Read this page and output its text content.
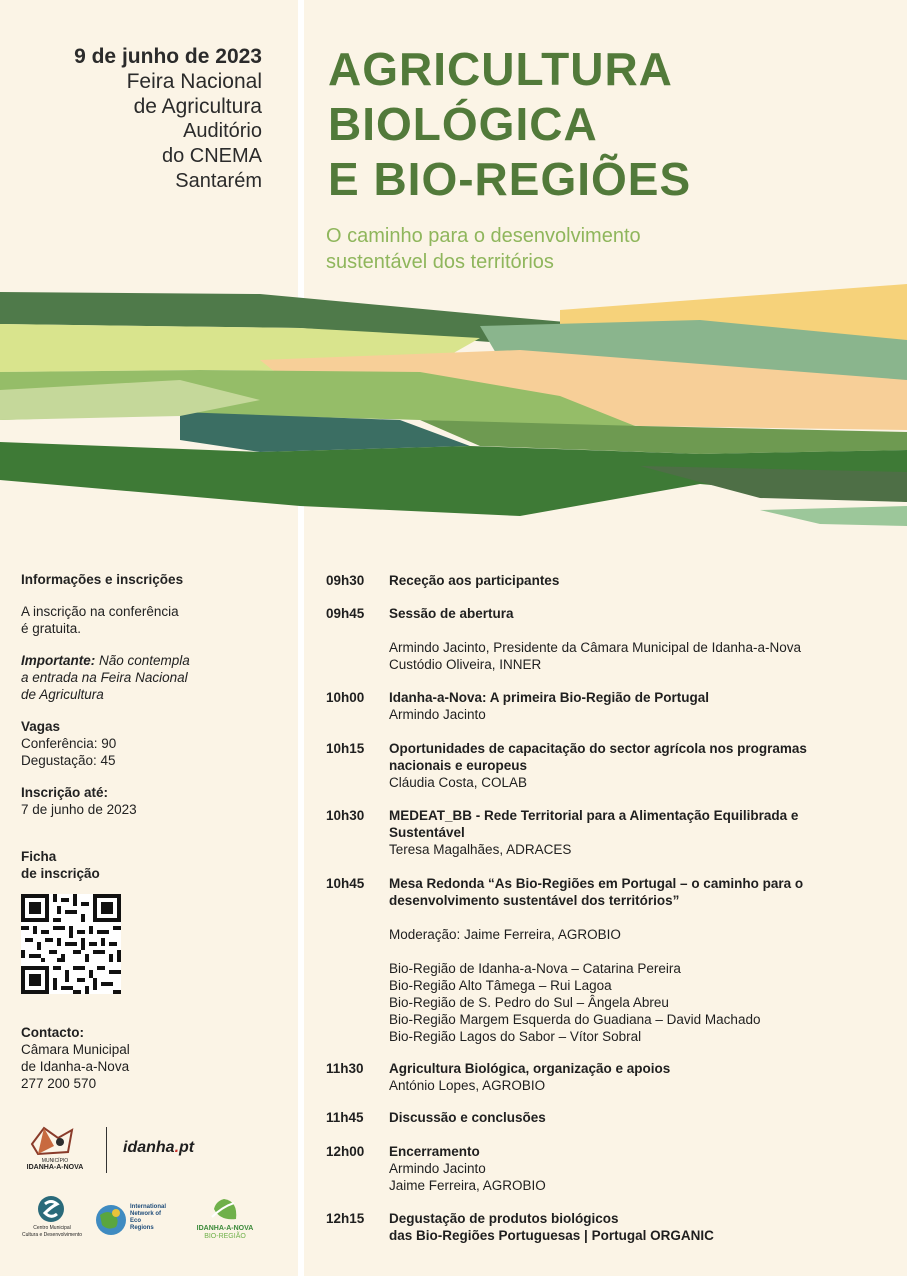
9 de junho de 2023
Feira Nacional
de Agricultura
Auditório
do CNEMA
Santarém
AGRICULTURA
BIOLÓGICA
E BIO-REGIÕES
O caminho para o desenvolvimento
sustentável dos territórios
Informações e inscrições
A inscrição na conferência
é gratuita.
Importante: Não contempla
a entrada na Feira Nacional
de Agricultura
Vagas
Conferência: 90
Degustação: 45
Inscrição até:
7 de junho de 2023
Ficha
de inscrição
Contacto:
Câmara Municipal
de Idanha-a-Nova
277 200 570
MUNICÍPIO
IDANHA-A-NOVA
idanha.pt
Centro Municipal
Cultura e Desenvolvimento
International
Network of
Eco
Regions	IDANHA-A-NOVA
BIO-REGIÃO
09h30	Receção aos participantes
09h45	Sessão de abertura
Armindo Jacinto, Presidente da Câmara Municipal de Idanha-a-Nova
Custódio Oliveira, INNER
10h00	Idanha-a-Nova: A primeira Bio-Região de Portugal
Armindo Jacinto
10h15	Oportunidades de capacitação do sector agrícola nos programas
nacionais e europeus
Cláudia Costa, COLAB
10h30	MEDEAT_BB - Rede Territorial para a Alimentação Equilibrada e
Sustentável
Teresa Magalhães, ADRACES
10h45	Mesa Redonda “As Bio-Regiões em Portugal – o caminho para o
desenvolvimento sustentável dos territórios”
Moderação: Jaime Ferreira, AGROBIO
Bio-Região de Idanha-a-Nova – Catarina Pereira
Bio-Região Alto Tâmega – Rui Lagoa
Bio-Região de S. Pedro do Sul – Ângela Abreu
Bio-Região Margem Esquerda do Guadiana – David Machado
Bio-Região Lagos do Sabor – Vítor Sobral
11h30	Agricultura Biológica, organização e apoios
António Lopes, AGROBIO
11h45	Discussão e conclusões
12h00	Encerramento
Armindo Jacinto
Jaime Ferreira, AGROBIO
12h15	Degustação de produtos biológicos
das Bio-Regiões Portuguesas | Portugal ORGANIC
